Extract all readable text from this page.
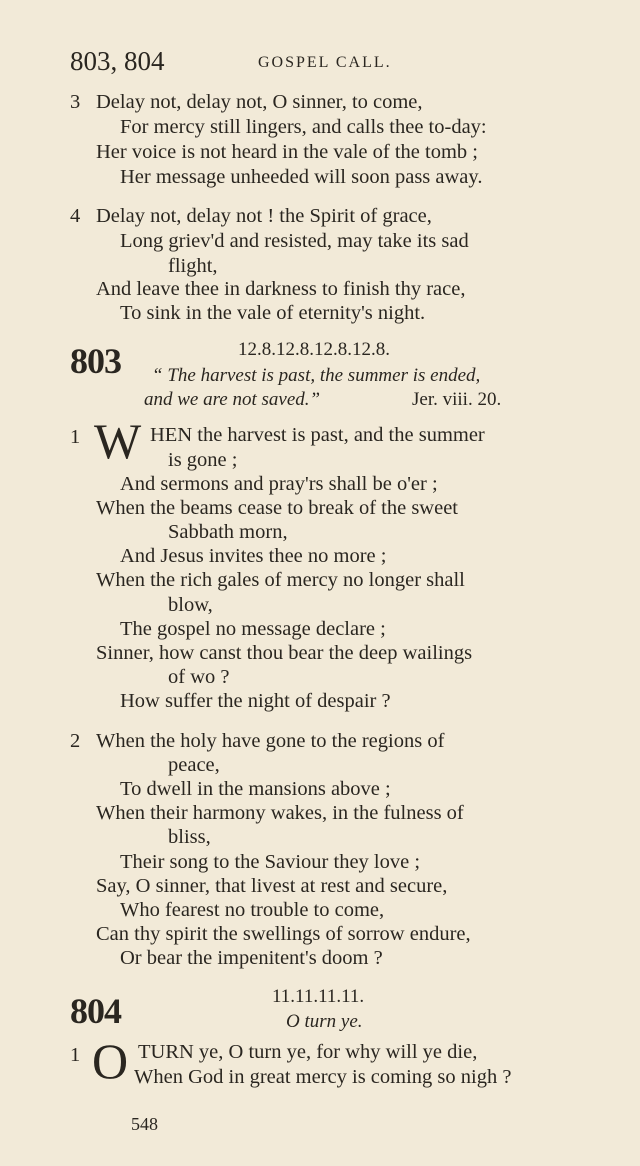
803, 804	GOSPEL CALL.
3 Delay not, delay not, O sinner, to come,
For mercy still lingers, and calls thee to-day:
Her voice is not heard in the vale of the tomb ;
Her message unheeded will soon pass away.
4 Delay not, delay not ! the Spirit of grace,
Long griev'd and resisted, may take its sad
flight,
And leave thee in darkness to finish thy race,
To sink in the vale of eternity's night.
803	12.8.12.8.12.8.12.8.
“ The harvest is past, the summer is ended,
and we are not saved.”	Jer. viii. 20.
1 W HEN the harvest is past, and the summer
is gone ;
And sermons and pray'rs shall be o'er ;
When the beams cease to break of the sweet
Sabbath morn,
And Jesus invites thee no more ;
When the rich gales of mercy no longer shall
blow,
The gospel no message declare ;
Sinner, how canst thou bear the deep wailings
of wo ?
How suffer the night of despair ?
2 When the holy have gone to the regions of
peace,
To dwell in the mansions above ;
When their harmony wakes, in the fulness of
bliss,
Their song to the Saviour they love ;
Say, O sinner, that livest at rest and secure,
Who fearest no trouble to come,
Can thy spirit the swellings of sorrow endure,
Or bear the impenitent's doom ?
804	11.11.11.11.
O turn ye.
1 O TURN ye, O turn ye, for why will ye die,
When God in great mercy is coming so nigh ?
548
